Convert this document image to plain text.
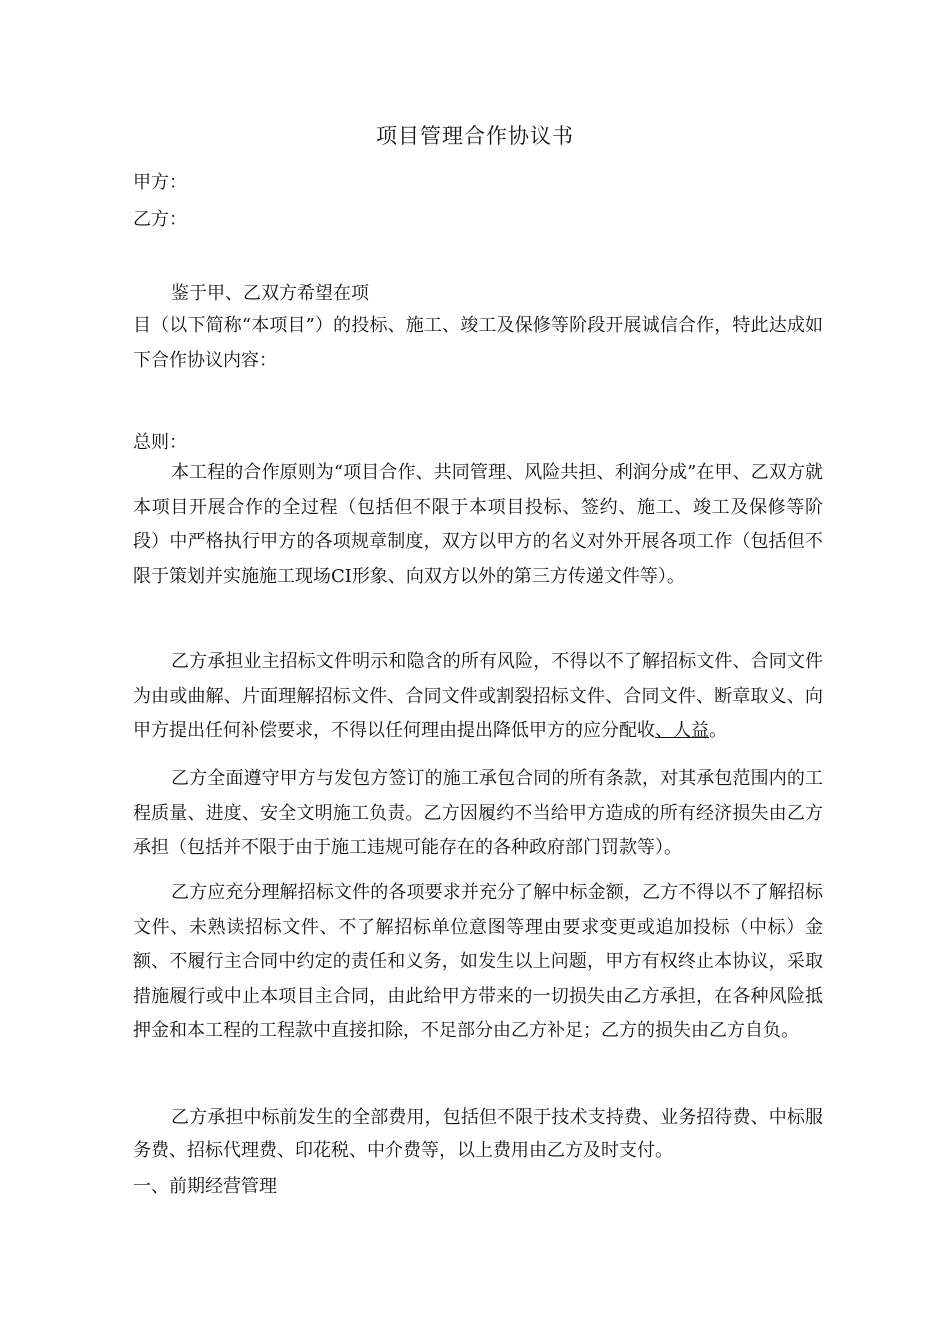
项目管理合作协议书
甲方：
乙方：
鉴于甲、乙双方希望在项

目（以下简称“本项目”）的投标、施工、竣工及保修等阶段开展诚信合作，特此达成如下合作协议内容：

总则：

本工程的合作原则为“项目合作、共同管理、风险共担、利润分成”在甲、乙双方就本项目开展合作的全过程（包括但不限于本项目投标、签约、施工、竣工及保修等阶段）中严格执行甲方的各项规章制度，双方以甲方的名义对外开展各项工作（包括但不限于策划并实施施工现场CI形象、向双方以外的第三方传递文件等）。

乙方承担业主招标文件明示和隐含的所有风险，不得以不了解招标文件、合同文件为由或曲解、片面理解招标文件、合同文件或割裂招标文件、合同文件、断章取义、向甲方提出任何补偿要求，不得以任何理由提出降低甲方的应分配收、人益。

乙方全面遵守甲方与发包方签订的施工承包合同的所有条款，对其承包范围内的工程质量、进度、安全文明施工负责。乙方因履约不当给甲方造成的所有经济损失由乙方承担（包括并不限于由于施工违规可能存在的各种政府部门罚款等）。

乙方应充分理解招标文件的各项要求并充分了解中标金额，乙方不得以不了解招标文件、未熟读招标文件、不了解招标单位意图等理由要求变更或追加投标（中标）金额、不履行主合同中约定的责任和义务，如发生以上问题，甲方有权终止本协议，采取措施履行或中止本项目主合同，由此给甲方带来的一切损失由乙方承担，在各种风险抵押金和本工程的工程款中直接扣除，不足部分由乙方补足；乙方的损失由乙方自负。

乙方承担中标前发生的全部费用，包括但不限于技术支持费、业务招待费、中标服务费、招标代理费、印花税、中介费等，以上费用由乙方及时支付。

一、前期经营管理
